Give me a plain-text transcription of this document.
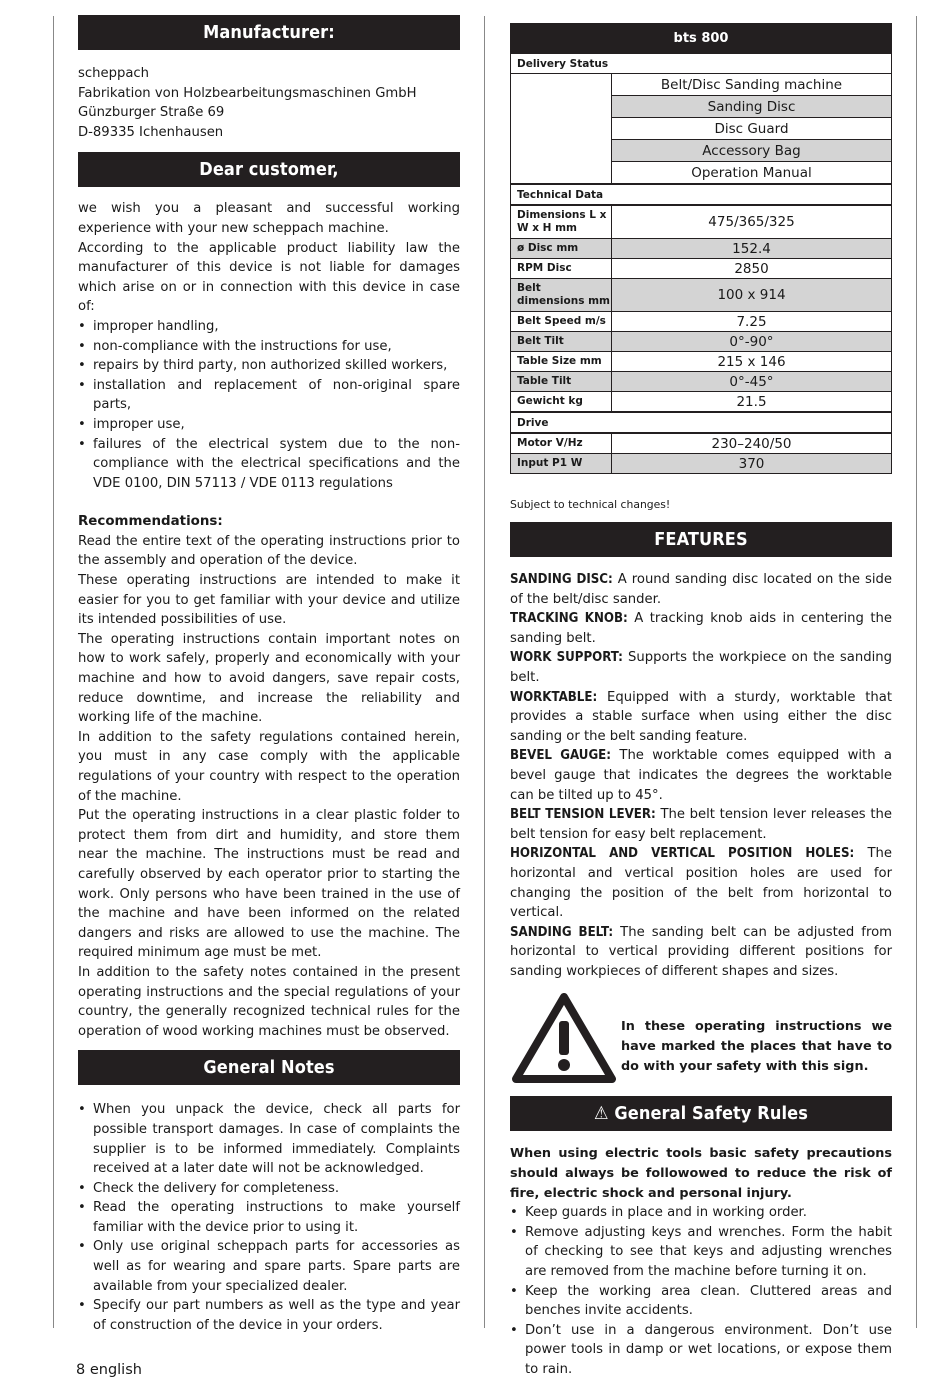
Manufacturer:

scheppach

Fabrikation von Holzbearbeitungsmaschinen GmbH

Günzburger Straße 69

D-89335 Ichenhausen

Dear customer,

we wish you a pleasant and successful working experience with your new scheppach machine.

According to the applicable product liability law the manufacturer of this device is not liable for damages which arise on or in connection with this device in case of:

• improper handling,
• non-compliance with the instructions for use,
• repairs by third party, non authorized skilled workers,
• installation and replacement of non-original spare parts,
• improper use,
• failures of the electrical system due to the non-compliance with the electrical specifications and the VDE 0100, DIN 57113 / VDE 0113 regulations

Recommendations:

Read the entire text of the operating instructions prior to the assembly and operation of the device.

These operating instructions are intended to make it easier for you to get familiar with your device and utilize its intended possibilities of use.

The operating instructions contain important notes on how to work safely, properly and economically with your machine and how to avoid dangers, save repair costs, reduce downtime, and increase the reliability and working life of the machine.

In addition to the safety regulations contained herein, you must in any case comply with the applicable regulations of your country with respect to the operation of the machine.

Put the operating instructions in a clear plastic folder to protect them from dirt and humidity, and store them near the machine. The instructions must be read and carefully observed by each operator prior to starting the work. Only persons who have been trained in the use of the machine and have been informed on the related dangers and risks are allowed to use the machine. The required minimum age must be met.

In addition to the safety notes contained in the present operating instructions and the special regulations of your country, the generally recognized technical rules for the operation of wood working machines must be observed.

General Notes
• When you unpack the device, check all parts for possible transport damages. In case of complaints the supplier is to be informed immediately. Complaints received at a later date will not be acknowledged.
• Check the delivery for completeness.
• Read the operating instructions to make yourself familiar with the device prior to using it.
• Only use original scheppach parts for accessories as well as for wearing and spare parts. Spare parts are available from your specialized dealer.
• Specify our part numbers as well as the type and year of construction of the device in your orders.
bts 800	
Delivery Status	
	Belt/Disc Sanding machine
	Sanding Disc
	Disc Guard
	Accessory Bag
	Operation Manual
Technical Data	
Dimensions L x W x H mm	475/365/325
ø Disc mm	152.4
RPM Disc	2850
Belt dimensions mm	100 x 914
Belt Speed m/s	7.25
Belt Tilt	0°-90°
Table Size mm	215 x 146
Table Tilt	0°-45°
Gewicht kg	21.5
Drive	
Motor V/Hz	230–240/50
Input P1 W	370

Subject to technical changes!

FEATURES

SANDING DISC: A round sanding disc located on the side of the belt/disc sander.

TRACKING KNOB: A tracking knob aids in centering the sanding belt.

WORK SUPPORT: Supports the workpiece on the sanding belt.

WORKTABLE: Equipped with a sturdy, worktable that provides a stable surface when using either the disc sanding or the belt sanding feature.

BEVEL GAUGE: The worktable comes equipped with a bevel gauge that indicates the degrees the worktable can be tilted up to 45°.

BELT TENSION LEVER: The belt tension lever releases the belt tension for easy belt replacement.

HORIZONTAL AND VERTICAL POSITION HOLES: The horizontal and vertical position holes are used for changing the position of the belt from horizontal to vertical.

SANDING BELT: The sanding belt can be adjusted from horizontal to vertical providing different positions for sanding workpieces of different shapes and sizes.

In these operating instructions we have marked the places that have to do with your safety with this sign.

⚠ General Safety Rules

When using electric tools basic safety precautions should always be followowed to reduce the risk of fire, electric shock and personal injury.

• Keep guards in place and in working order.
• Remove adjusting keys and wrenches. Form the habit of checking to see that keys and adjusting wrenches are removed from the machine before turning it on.
• Keep the working area clean. Cluttered areas and benches invite accidents.
• Don’t use in a dangerous environment. Don’t use power tools in damp or wet locations, or expose them to rain.
8 english
